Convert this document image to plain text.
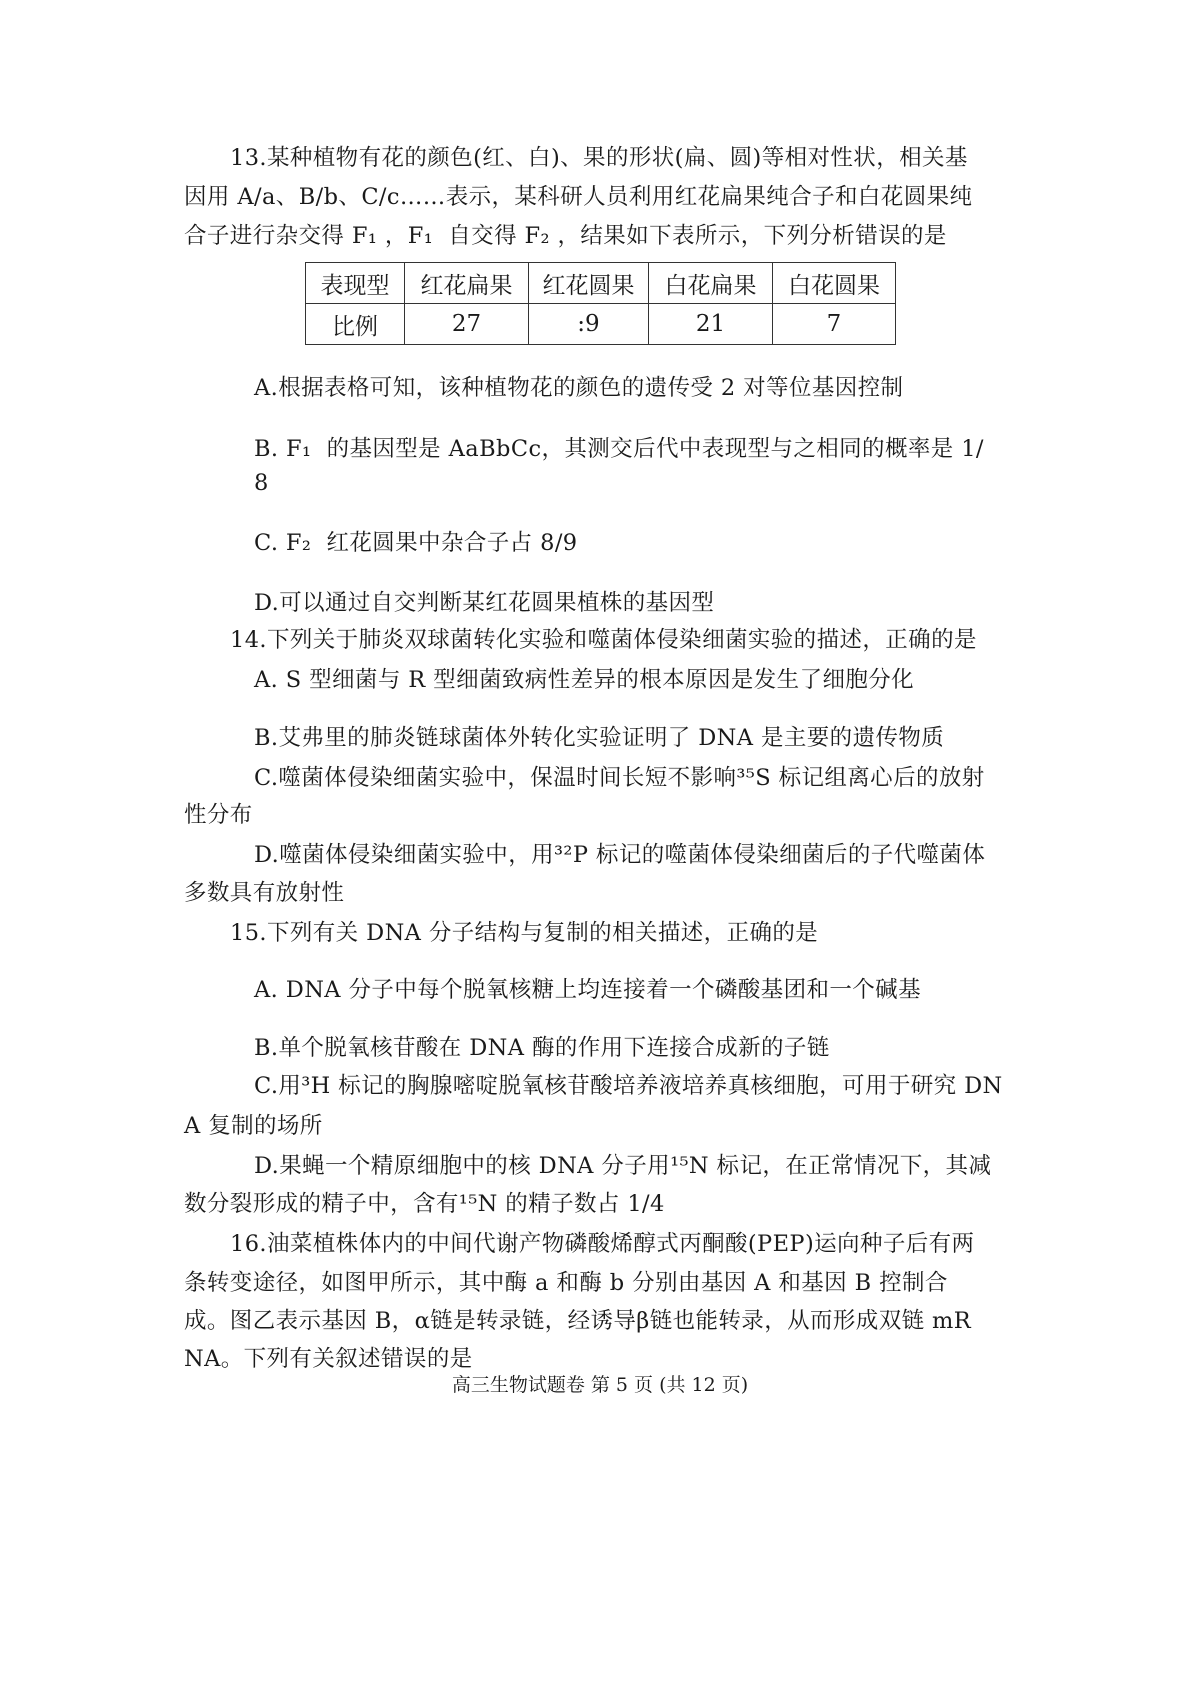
13.某种植物有花的颜色(红、白)、果的形状(扁、圆)等相对性状，相关基
因用 A/a、B/b、C/c……表示，某科研人员利用红花扁果纯合子和白花圆果纯
合子进行杂交得 F₁ ，F₁  自交得 F₂ ，结果如下表所示，下列分析错误的是
表现型	红花扁果	红花圆果	白花扁果	白花圆果
比例	27	:9	21	7
A.根据表格可知，该种植物花的颜色的遗传受 2 对等位基因控制
B. F₁  的基因型是 AaBbCc，其测交后代中表现型与之相同的概率是 1/
8
C. F₂  红花圆果中杂合子占 8/9
D.可以通过自交判断某红花圆果植株的基因型
14.下列关于肺炎双球菌转化实验和噬菌体侵染细菌实验的描述，正确的是
A. S 型细菌与 R 型细菌致病性差异的根本原因是发生了细胞分化
B.艾弗里的肺炎链球菌体外转化实验证明了 DNA 是主要的遗传物质
C.噬菌体侵染细菌实验中，保温时间长短不影响³⁵S 标记组离心后的放射
性分布
D.噬菌体侵染细菌实验中，用³²P 标记的噬菌体侵染细菌后的子代噬菌体
多数具有放射性
15.下列有关 DNA 分子结构与复制的相关描述，正确的是
A. DNA 分子中每个脱氧核糖上均连接着一个磷酸基团和一个碱基
B.单个脱氧核苷酸在 DNA 酶的作用下连接合成新的子链
C.用³H 标记的胸腺嘧啶脱氧核苷酸培养液培养真核细胞，可用于研究 DN
A 复制的场所
D.果蝇一个精原细胞中的核 DNA 分子用¹⁵N 标记，在正常情况下，其减
数分裂形成的精子中，含有¹⁵N 的精子数占 1/4
16.油菜植株体内的中间代谢产物磷酸烯醇式丙酮酸(PEP)运向种子后有两
条转变途径，如图甲所示，其中酶 a 和酶 b 分别由基因 A 和基因 B 控制合
成。图乙表示基因 B，α链是转录链，经诱导β链也能转录，从而形成双链 mR
NA。下列有关叙述错误的是
高三生物试题卷 第 5 页 (共 12 页)
